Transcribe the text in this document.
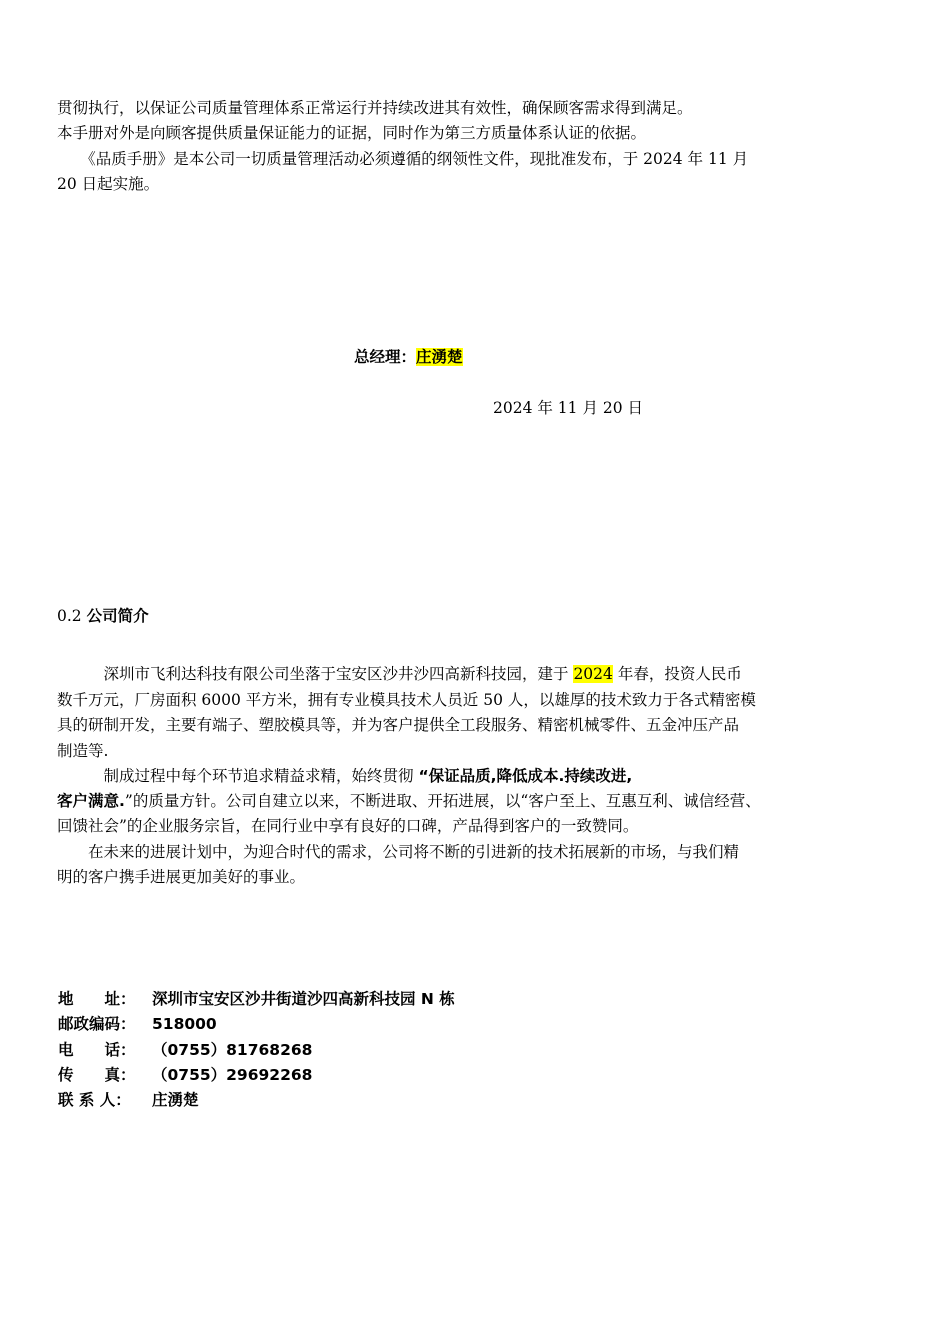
贯彻执行，以保证公司质量管理体系正常运行并持续改进其有效性，确保顾客需求得到满足。
本手册对外是向顾客提供质量保证能力的证据，同时作为第三方质量体系认证的依据。
　　《品质手册》是本公司一切质量管理活动必须遵循的纲领性文件，现批准发布，于 2024 年 11 月
20 日起实施。
总经理：庄湧楚
2024 年 11 月 20 日
0.2 公司简介
　　　深圳市飞利达科技有限公司坐落于宝安区沙井沙四高新科技园，建于 2024 年春，投资人民币
数千万元，厂房面积 6000 平方米，拥有专业模具技术人员近 50 人，以雄厚的技术致力于各式精密模
具的研制开发，主要有端子、塑胶模具等，并为客户提供全工段服务、精密机械零件、五金冲压产品
制造等.
　　　制成过程中每个环节追求精益求精，始终贯彻 “保证品质,降低成本.持续改进,
客户满意.”的质量方针。公司自建立以来，不断进取、开拓进展，以“客户至上、互惠互利、诚信经营、
回馈社会”的企业服务宗旨，在同行业中享有良好的口碑，产品得到客户的一致赞同。
　　在未来的进展计划中，为迎合时代的需求，公司将不断的引进新的技术拓展新的市场，与我们精
明的客户携手进展更加美好的事业。
地　　址： 深圳市宝安区沙井街道沙四高新科技园 N 栋
邮政编码： 518000
电　　话： （0755）81768268
传　　真： （0755）29692268
联 系 人： 庄湧楚
